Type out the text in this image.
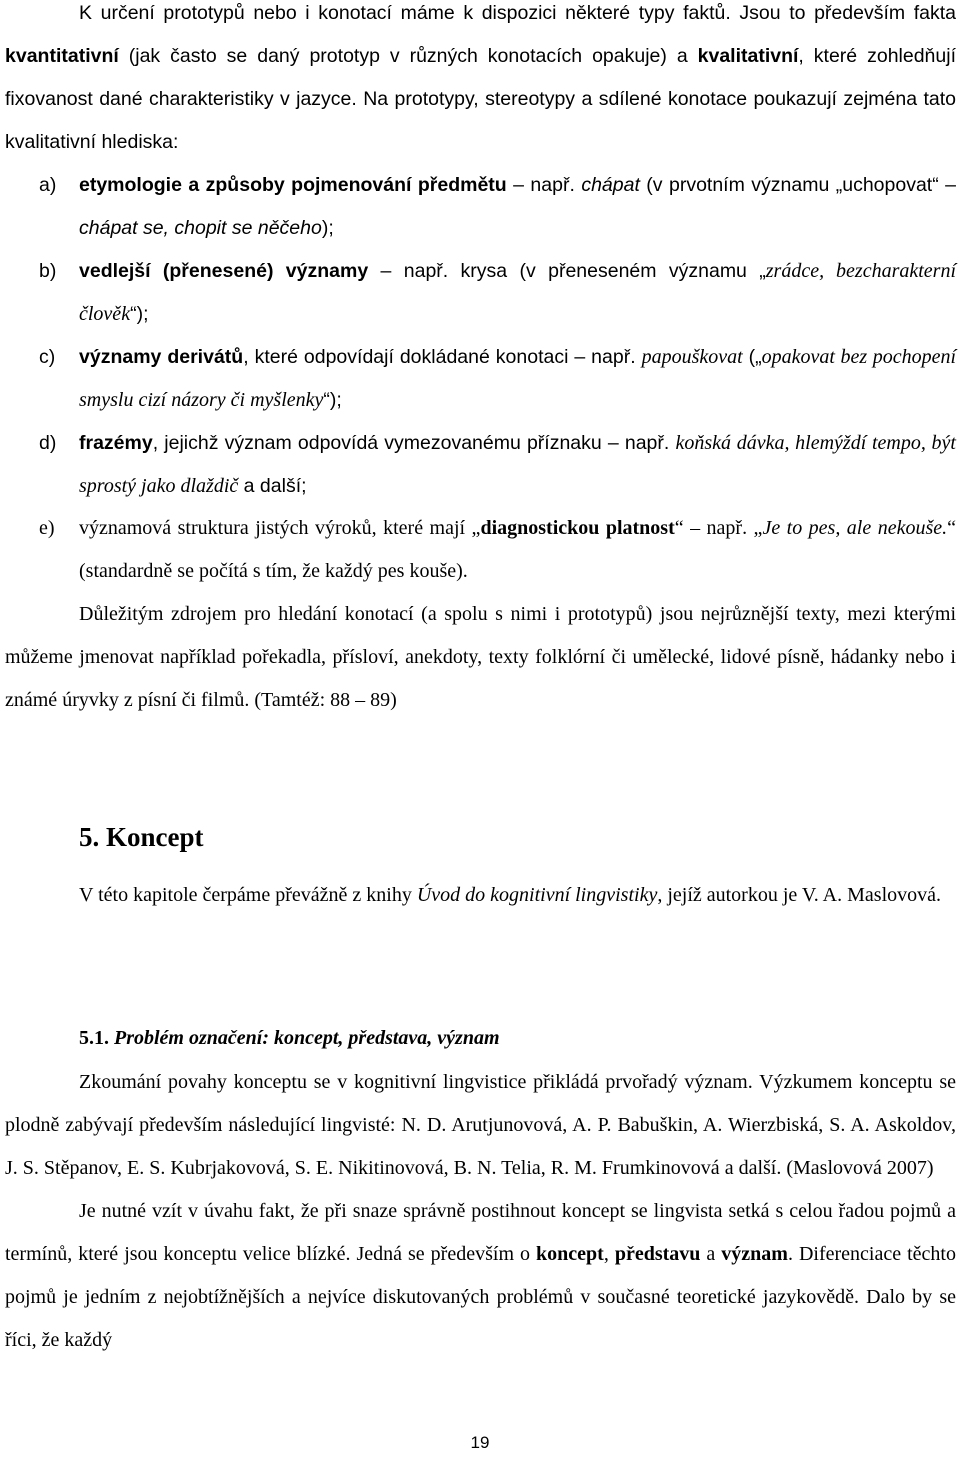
K určení prototypů nebo i konotací máme k dispozici některé typy faktů. Jsou to především fakta kvantitativní (jak často se daný prototyp v různých konotacích opakuje) a kvalitativní, které zohledňují fixovanost dané charakteristiky v jazyce. Na prototypy, stereotypy a sdílené konotace poukazují zejména tato kvalitativní hlediska:

a) etymologie a způsoby pojmenování předmětu – např. chápat (v prvotním významu „uchopovat“ – chápat se, chopit se něčeho);
b) vedlejší (přenesené) významy – např. krysa (v přeneseném významu „zrádce, bezcharakterní člověk“);
c) významy derivátů, které odpovídají dokládané konotaci – např. papouškovat („opakovat bez pochopení smyslu cizí názory či myšlenky“);
d) frazémy, jejichž význam odpovídá vymezovanému příznaku – např. koňská dávka, hlemýždí tempo, být sprostý jako dlaždič a další;
e) významová struktura jistých výroků, které mají „diagnostickou platnost“ – např. „Je to pes, ale nekouše.“ (standardně se počítá s tím, že každý pes kouše).

Důležitým zdrojem pro hledání konotací (a spolu s nimi i prototypů) jsou nejrůznější texty, mezi kterými můžeme jmenovat například pořekadla, přísloví, anekdoty, texty folklórní či umělecké, lidové písně, hádanky nebo i známé úryvky z písní či filmů. (Tamtéž: 88 – 89)

5. Koncept

V této kapitole čerpáme převážně z knihy Úvod do kognitivní lingvistiky, jejíž autorkou je V. A. Maslovová.

5.1. Problém označení: koncept, představa, význam

Zkoumání povahy konceptu se v kognitivní lingvistice přikládá prvořadý význam. Výzkumem konceptu se plodně zabývají především následující lingvisté: N. D. Arutjunovová, A. P. Babuškin, A. Wierzbiská, S. A. Askoldov, J. S. Stěpanov, E. S. Kubrjakovová, S. E. Nikitinovová, B. N. Telia, R. M. Frumkinovová a další. (Maslovová 2007)

Je nutné vzít v úvahu fakt, že při snaze správně postihnout koncept se lingvista setká s celou řadou pojmů a termínů, které jsou konceptu velice blízké. Jedná se především o koncept, představu a význam. Diferenciace těchto pojmů je jedním z nejobtížnějších a nejvíce diskutovaných problémů v současné teoretické jazykovědě. Dalo by se říci, že každý

19
